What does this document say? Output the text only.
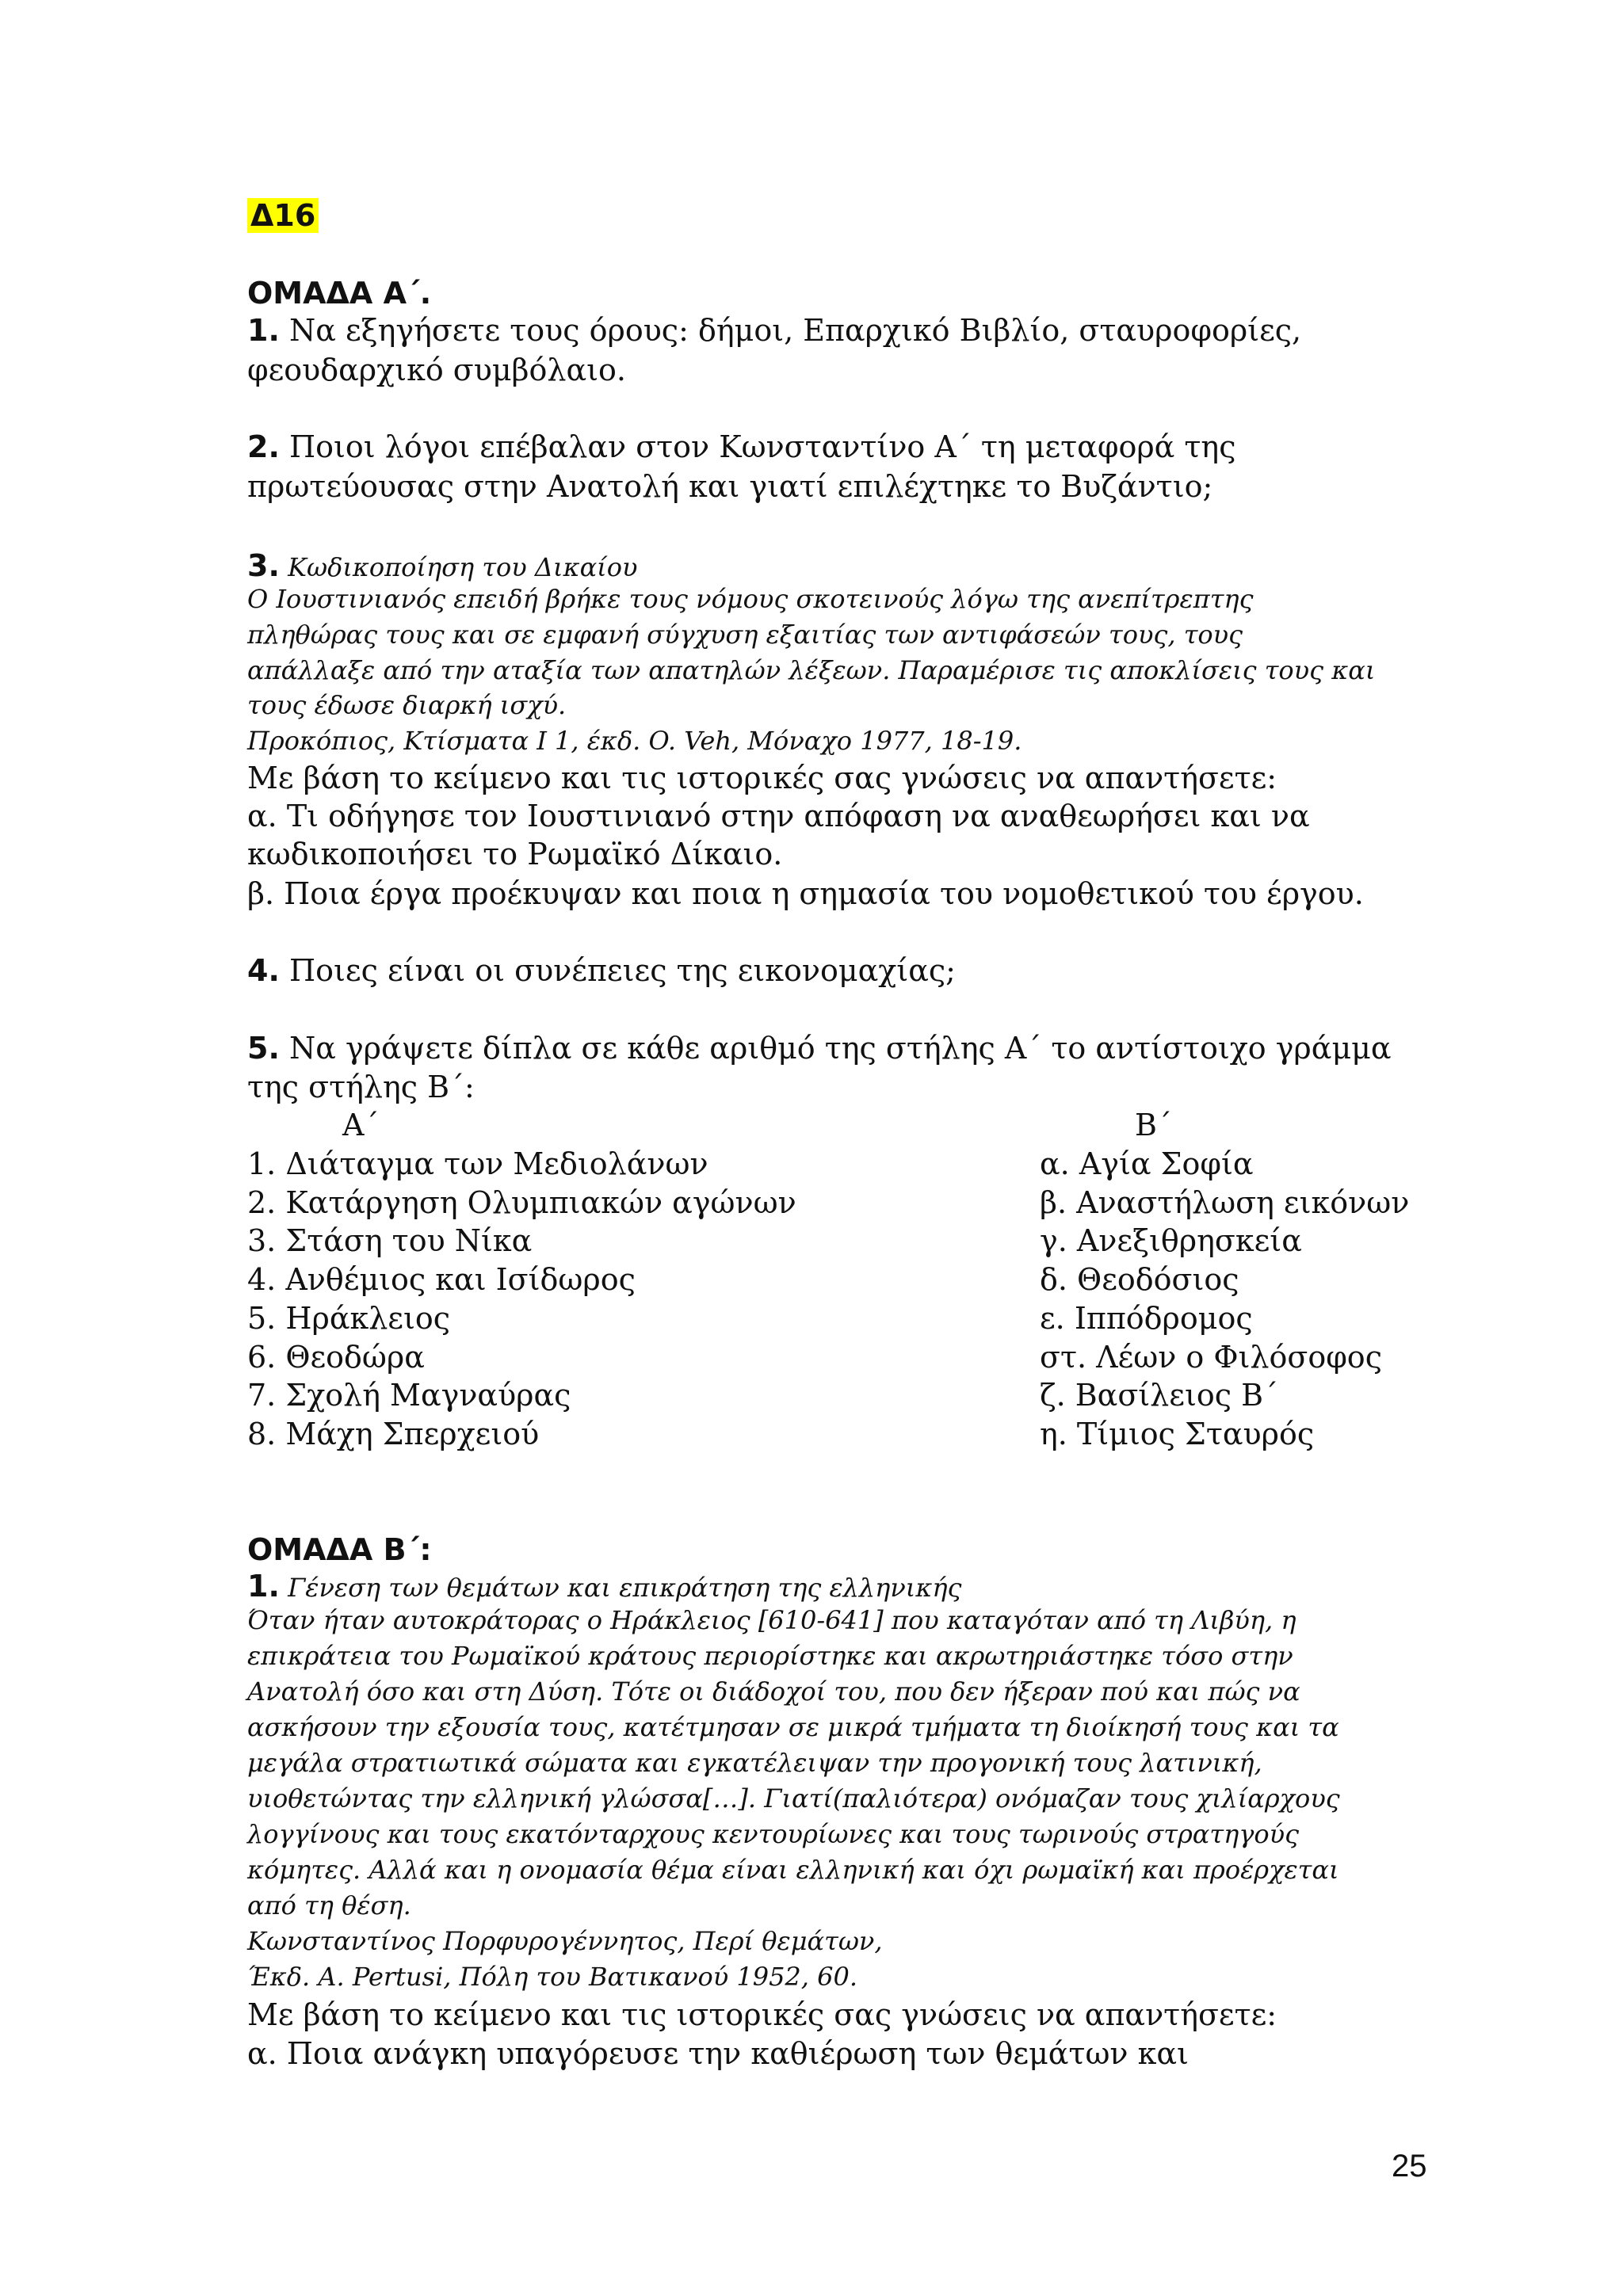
Δ16
ΟΜΑΔΑ Α΄.
1. Να εξηγήσετε τους όρους: δήμοι, Επαρχικό Βιβλίο, σταυροφορίες,
φεουδαρχικό συμβόλαιο.
2. Ποιοι λόγοι επέβαλαν στον Κωνσταντίνο Α΄ τη μεταφορά της
πρωτεύουσας στην Ανατολή και γιατί επιλέχτηκε το Βυζάντιο;
3. Κωδικοποίηση του Δικαίου
Ο Ιουστινιανός επειδή βρήκε τους νόμους σκοτεινούς λόγω της ανεπίτρεπτης
πληθώρας τους και σε εμφανή σύγχυση εξαιτίας των αντιφάσεών τους, τους
απάλλαξε από την αταξία των απατηλών λέξεων. Παραμέρισε τις αποκλίσεις τους και
τους έδωσε διαρκή ισχύ.
Προκόπιος, Κτίσματα Ι 1, έκδ. O. Veh, Μόναχο 1977, 18-19.
Με βάση το κείμενο και τις ιστορικές σας γνώσεις να απαντήσετε:
α. Τι οδήγησε τον Ιουστινιανό στην απόφαση να αναθεωρήσει και να
κωδικοποιήσει το Ρωμαϊκό Δίκαιο.
β. Ποια έργα προέκυψαν και ποια η σημασία του νομοθετικού του έργου.
4. Ποιες είναι οι συνέπειες της εικονομαχίας;
5. Να γράψετε δίπλα σε κάθε αριθμό της στήλης Α΄ το αντίστοιχο γράμμα
της στήλης Β΄:
Α΄	Β΄
1. Διάταγμα των Μεδιολάνων
2. Κατάργηση Ολυμπιακών αγώνων
3. Στάση του Νίκα
4. Ανθέμιος και Ισίδωρος
5. Ηράκλειος
6. Θεοδώρα
7. Σχολή Μαγναύρας
8. Μάχη Σπερχειού
α. Αγία Σοφία
β. Αναστήλωση εικόνων
γ. Ανεξιθρησκεία
δ. Θεοδόσιος
ε. Ιππόδρομος
στ. Λέων ο Φιλόσοφος
ζ. Βασίλειος Β΄
η. Τίμιος Σταυρός
ΟΜΑΔΑ Β΄:
1. Γένεση των θεμάτων και επικράτηση της ελληνικής
Όταν ήταν αυτοκράτορας ο Ηράκλειος [610-641] που καταγόταν από τη Λιβύη, η
επικράτεια του Ρωμαϊκού κράτους περιορίστηκε και ακρωτηριάστηκε τόσο στην
Ανατολή όσο και στη Δύση. Τότε οι διάδοχοί του, που δεν ήξεραν πού και πώς να
ασκήσουν την εξουσία τους, κατέτμησαν σε μικρά τμήματα τη διοίκησή τους και τα
μεγάλα στρατιωτικά σώματα και εγκατέλειψαν την προγονική τους λατινική,
υιοθετώντας την ελληνική γλώσσα[…]. Γιατί(παλιότερα) ονόμαζαν τους χιλίαρχους
λογγίνους και τους εκατόνταρχους κεντουρίωνες και τους τωρινούς στρατηγούς
κόμητες. Αλλά και η ονομασία θέμα είναι ελληνική και όχι ρωμαϊκή και προέρχεται
από τη θέση.
Κωνσταντίνος Πορφυρογέννητος, Περί θεμάτων,
Έκδ. A. Pertusi, Πόλη του Βατικανού 1952, 60.
Με βάση το κείμενο και τις ιστορικές σας γνώσεις να απαντήσετε:
α. Ποια ανάγκη υπαγόρευσε την καθιέρωση των θεμάτων και
25
